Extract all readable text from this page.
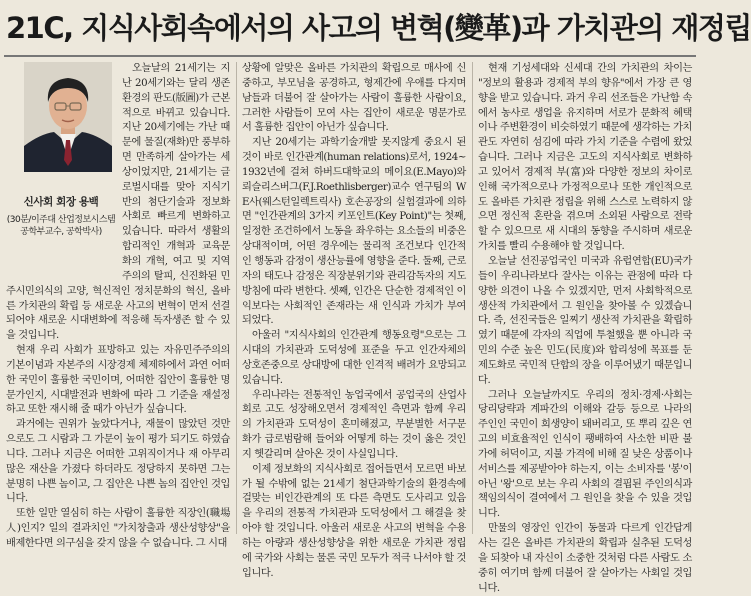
21C, 지식사회속에서의 사고의 변혁(變革)과 가치관의 재정립
신사회 회장 용백
(30분/이주대 산업정보시스템
공학부교수, 공학박사)

오늘날의 21세기는 지난 20세기와는 달리 생존환경의 판도(版圖)가 근본적으로 바뀌고 있습니다. 지난 20세기에는 가난 때문에 물질(재화)만 풍부하면 만족하게 살아가는 세상이었지만, 21세기는 글로벌시대를 맞아 지식기반의 첨단기술과 정보화사회로 빠르게 변화하고 있습니다. 따라서 생활의 합리적인 개혁과 교육문화의 개혁, 여고 및 지역주의의 탈피, 신진화된 민주시민의식의 고양, 혁신적인 정치문화의 혁신, 올바른 가치관의 확립 등 새로운 사고의 변혁이 먼저 선결되어야 새로운 시대변화에 적응해 독자생존 할 수 있을 것입니다.

현재 우리 사회가 표방하고 있는 자유민주주의의 기본이념과 자본주의 시장경제 체제하에서 과연 어떠한 국민이 훌륭한 국민이며, 어떠한 집안이 훌륭한 명문가인지, 시대발전과 변화에 따라 그 기준을 재설정하고 또한 재시해 줄 때가 아닌가 싶습니다.

과거에는 권위가 높았다거나, 재물이 많았던 것만으로도 그 시람과 그 가문이 높이 평가 되기도 하였습니다. 그러나 지금은 어떠한 고위직이거나 재 아무리 많은 재산을 가졌다 하더라도 정당하지 못하면 그는 분명히 나쁜 놈이고, 그 집안은 나쁜 놈의 집안인 것입니다.

또한 일만 열심히 하는 사람이 훌륭한 직장인(職場人)인지? 일의 결과치인 "가치창출과 생산성향상"을 배제한다면 의구심을 갖지 않을 수 없습니다. 그 시대

상황에 알맞은 올바른 가치관의 확립으로 매사에 신중하고, 부모님을 공경하고, 형제간에 우애를 다지며 남들과 더불어 잘 살아가는 사람이 훌륭한 사람이요, 그러한 사람들이 모여 사는 집안이 새로운 명문가로서 훌륭한 집안이 아닌가 싶습니다.

지난 20세기는 과학기술개발 못지않게 중요시 된 것이 바로 인간관계(human relations)로서, 1924~1932년에 걸쳐 하버드대학교의 메이요(E.Mayo)와 뢰슬리스버그(F.J.Roethlisberger)교수 연구팀의 WE사(웨스턴일렉트릭사) 호손공장의 실험결과에 의하면 "인간관계의 3가지 키포인트(Key Point)"는 첫째, 일정한 조건하에서 노동을 좌우하는 요소들의 비중은 상대적이며, 어떤 경우에는 물리적 조건보다 인간적인 행동과 감정이 생산능률에 영향을 준다. 둘째, 근로자의 태도나 감정은 직장분위기와 관리감독자의 지도방침에 따라 변한다. 셋째, 인간은 단순한 경제적인 이익보다는 사회적인 존재라는 새 인식과 가치가 부여되었다.

아울러 "지식사회의 인간관계 행동요령"으로는 그 시대의 가치관과 도덕성에 표준을 두고 인간자체의 상호존중으로 상대방에 대한 인격적 배려가 요망되고 있습니다.

우리나라는 전통적인 농업국에서 공업국의 산업사회로 고도 성장해오면서 경제적인 측면과 함께 우리의 가치관과 도덕성이 혼미해졌고, 무분별한 서구문화가 급로범람해 들어와 어떻게 하는 것이 옳은 것인지 헷갈리며 살아온 것이 사실입니다.

이제 정보화의 지식사회로 접어들면서 모르면 바보가 될 수밖에 없는 21세기 첨단과학기술의 환경속에 걸맞는 비인간관계의 또 다른 측면도 도사리고 있음을 우리의 전통적 가치관과 도덕성에서 그 해결을 찾아야 할 것입니다. 아울러 새로운 사고의 변혁을 수용하는 아량과 생산성향상을 위한 새로운 가치관 정립에 국가와 사회는 물론 국민 모두가 적극 나서야 할 것입니다.

현재 기성세대와 신세대 간의 가치관의 차이는 "정보의 활용과 경제적 부의 향유"에서 가장 큰 영향을 받고 있습니다. 과거 우리 선조들은 가난함 속에서 농사로 생업을 유지하며 서로가 문화적 혜택이나 주변환경이 비슷하였기 때문에 생각하는 가치관도 자연히 섬김에 따라 가치 기준을 수렴에 왔었습니다. 그러나 지금은 고도의 지식사회로 변화하고 있어서 경제적 부(富)와 다양한 정보의 차이로 인해 국가적으로나 가정적으로나 또한 개인적으로도 올바른 가치관 정립을 위해 스스로 노력하지 않으면 정신적 혼란을 겪으며 소외된 사람으로 전락할 수 있으므로 새 시대의 동향을 주시하며 새로운 가치를 빨리 수용해야 할 것입니다.

오늘날 선진공업국인 미국과 유럽연합(EU)국가들이 우리나라보다 잘사는 이유는 관점에 따라 다양한 의견이 나올 수 있겠지만, 먼저 사회학적으로 생산적 가치관에서 그 원인을 찾아볼 수 있겠습니다. 즉, 선진국들은 일찌기 생산적 가치관을 확립하였기 때문에 각자의 직업에 투철했을 뿐 아니라 국민의 수준 높은 민도(民度)와 합리성에 목표를 둔 제도화로 국민적 단합의 장을 이루어냈기 때문입니다.

그러나 오늘날까지도 우리의 정치·경제·사회는 당리당략과 계파간의 이해와 갈등 등으로 나라의 주인인 국민이 희생양이 돼버리고, 또 뿌리 깊은 연고의 비효율적인 인식이 팽배하여 사소한 비판 불가에 허덕이고, 지불 가격에 비해 질 낮은 상품이나 서비스를 제공받아야 하는지, 이는 소비자를 '봉'이 아닌 '왕'으로 보는 우리 사회의 결핍된 주인의식과 책임의식이 결여에서 그 원인을 찾을 수 있을 것입니다.

만물의 영장인 인간이 동물과 다르게 인간답게 사는 길은 올바른 가치관의 확립과 실추된 도덕성을 되찾아 내 자신이 소중한 것처럼 다른 사람도 소중히 여기며 함께 더불어 잘 살아가는 사회일 것입니다.
